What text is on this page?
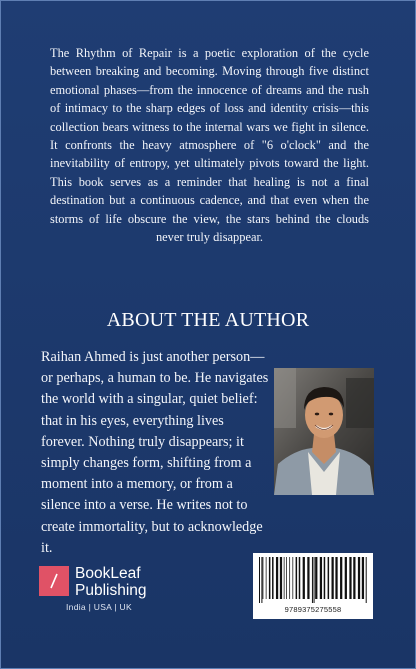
The Rhythm of Repair is a poetic exploration of the cycle between breaking and becoming. Moving through five distinct emotional phases—from the innocence of dreams and the rush of intimacy to the sharp edges of loss and identity crisis—this collection bears witness to the internal wars we fight in silence. It confronts the heavy atmosphere of "6 o'clock" and the inevitability of entropy, yet ultimately pivots toward the light. This book serves as a reminder that healing is not a final destination but a continuous cadence, and that even when the storms of life obscure the view, the stars behind the clouds never truly disappear.

ABOUT THE AUTHOR

Raihan Ahmed is just another person—or perhaps, a human to be. He navigates the world with a singular, quiet belief: that in his eyes, everything lives forever. Nothing truly disappears; it simply changes form, shifting from a moment into a memory, or from a silence into a verse. He writes not to create immortality, but to acknowledge it.

BookLeaf
Publishing
India | USA | UK	9789375275558
